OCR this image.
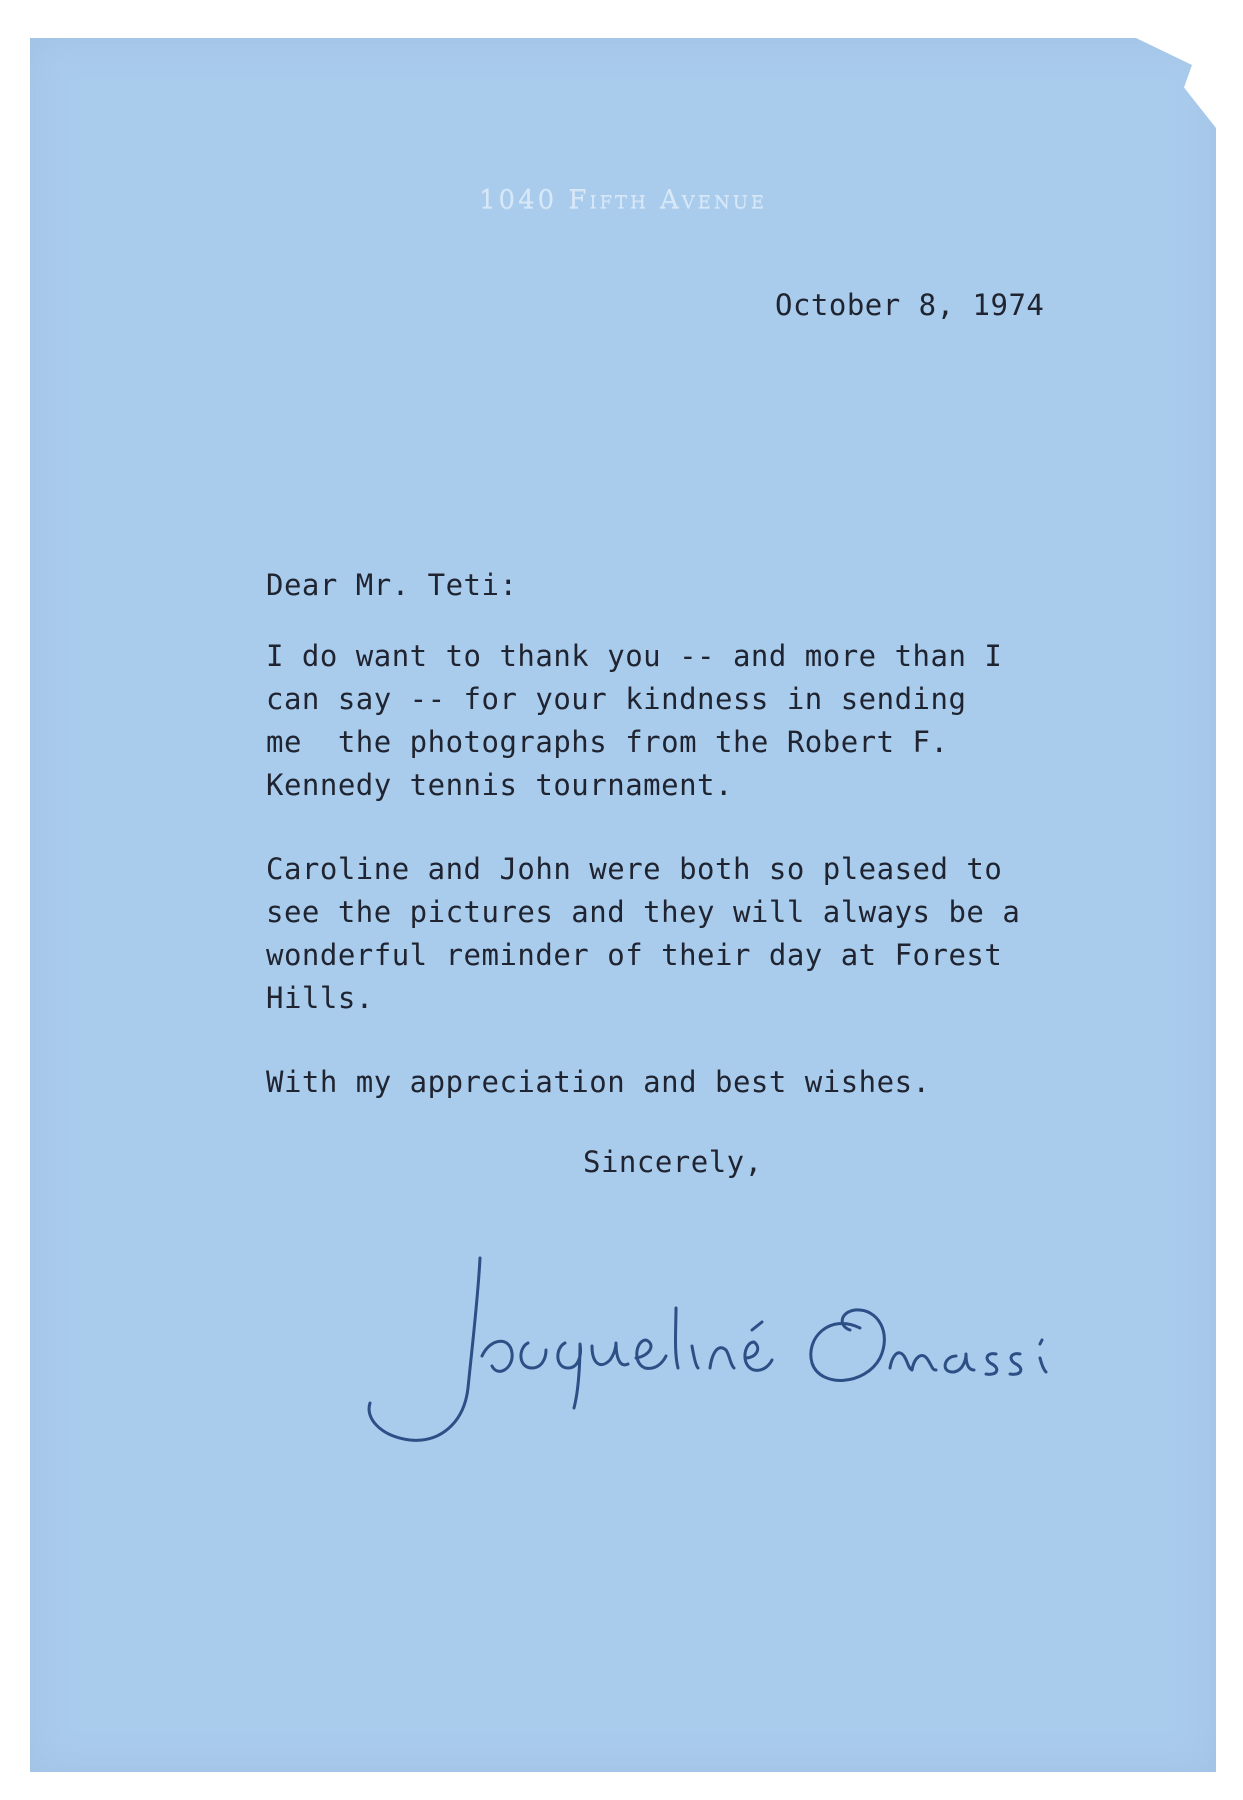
1040 Fifth Avenue
October 8, 1974
Dear Mr. Teti:
I do want to thank you -- and more than I
can say -- for your kindness in sending
me  the photographs from the Robert F.
Kennedy tennis tournament.
Caroline and John were both so pleased to
see the pictures and they will always be a
wonderful reminder of their day at Forest
Hills.
With my appreciation and best wishes.
Sincerely,
